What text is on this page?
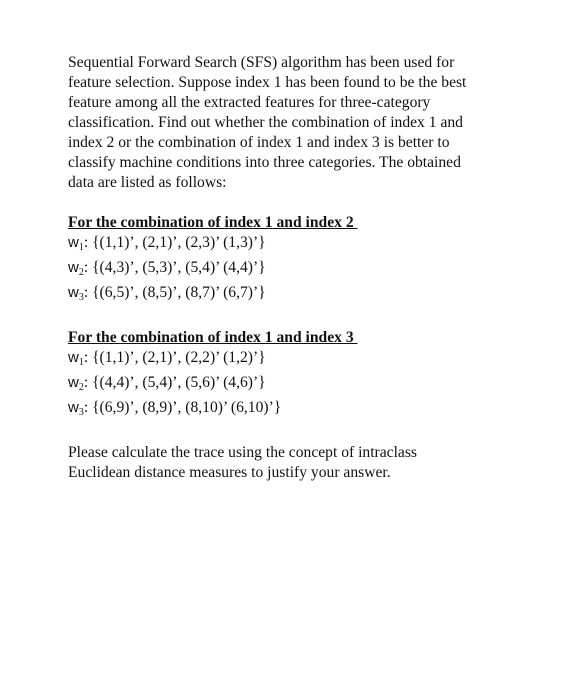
Sequential Forward Search (SFS) algorithm has been used for
feature selection. Suppose index 1 has been found to be the best
feature among all the extracted features for three-category
classification. Find out whether the combination of index 1 and
index 2 or the combination of index 1 and index 3 is better to
classify machine conditions into three categories. The obtained
data are listed as follows:
For the combination of index 1 and index 2
$w_1$: {(1,1)’, (2,1)’, (2,3)’ (1,3)’}
$w_2$: {(4,3)’, (5,3)’, (5,4)’ (4,4)’}
$w_3$: {(6,5)’, (8,5)’, (8,7)’ (6,7)’}
For the combination of index 1 and index 3
$w_1$: {(1,1)’, (2,1)’, (2,2)’ (1,2)’}
$w_2$: {(4,4)’, (5,4)’, (5,6)’ (4,6)’}
$w_3$: {(6,9)’, (8,9)’, (8,10)’ (6,10)’}
Please calculate the trace using the concept of intraclass
Euclidean distance measures to justify your answer.
